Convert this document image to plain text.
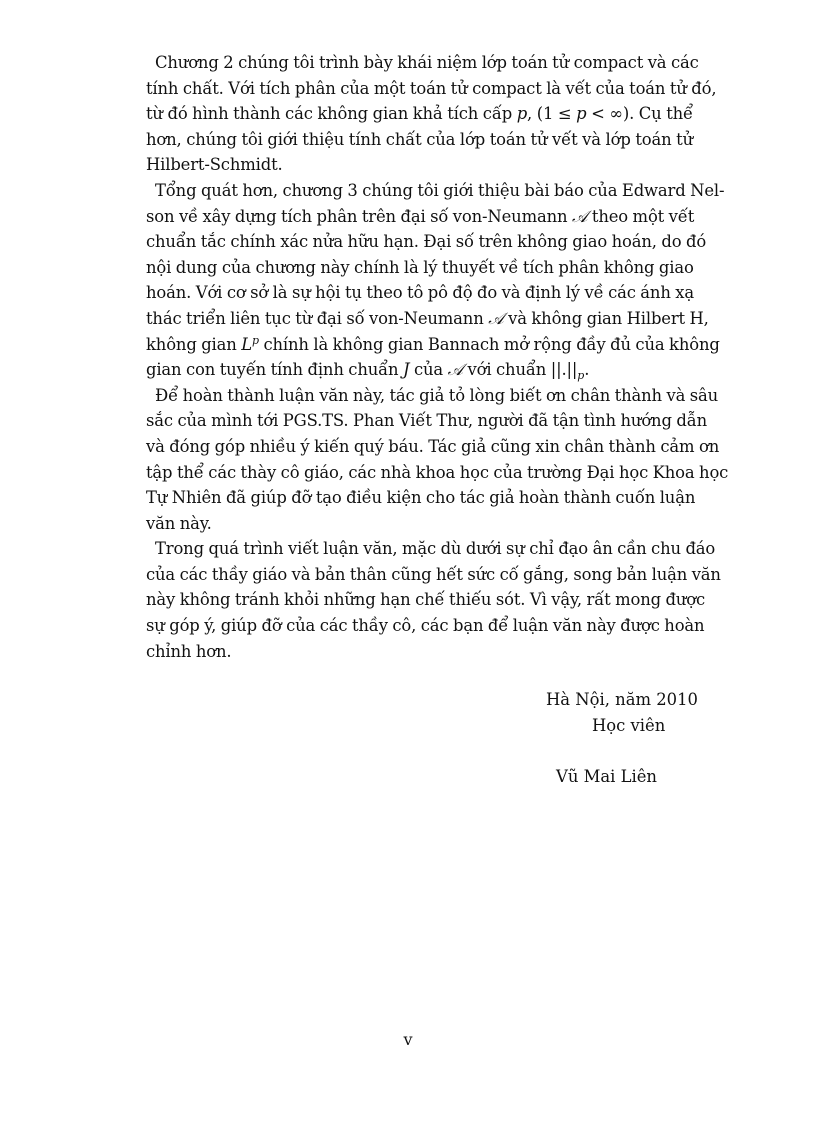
Chương 2 chúng tôi trình bày khái niệm lớp toán tử compact và các
tính chất. Với tích phân của một toán tử compact là vết của toán tử đó,
từ đó hình thành các không gian khả tích cấp p, (1 ≤ p < ∞). Cụ thể
hơn, chúng tôi giới thiệu tính chất của lớp toán tử vết và lớp toán tử
Hilbert-Schmidt.
Tổng quát hơn, chương 3 chúng tôi giới thiệu bài báo của Edward Nel-
son về xây dựng tích phân trên đại số von-Neumann 𝒜 theo một vết
chuẩn tắc chính xác nửa hữu hạn. Đại số trên không giao hoán, do đó
nội dung của chương này chính là lý thuyết về tích phân không giao
hoán. Với cơ sở là sự hội tụ theo tô pô độ đo và định lý về các ánh xạ
thác triển liên tục từ đại số von-Neumann 𝒜 và không gian Hilbert H,
không gian $L^p$ chính là không gian Bannach mở rộng đầy đủ của không
gian con tuyến tính định chuẩn J của 𝒜 với chuẩn $||.||_p$.
Để hoàn thành luận văn này, tác giả tỏ lòng biết ơn chân thành và sâu
sắc của mình tới PGS.TS. Phan Viết Thư, người đã tận tình hướng dẫn
và đóng góp nhiều ý kiến quý báu. Tác giả cũng xin chân thành cảm ơn
tập thể các thày cô giáo, các nhà khoa học của trường Đại học Khoa học
Tự Nhiên đã giúp đỡ tạo điều kiện cho tác giả hoàn thành cuốn luận
văn này.
Trong quá trình viết luận văn, mặc dù dưới sự chỉ đạo ân cần chu đáo
của các thầy giáo và bản thân cũng hết sức cố gắng, song bản luận văn
này không tránh khỏi những hạn chế thiếu sót. Vì vậy, rất mong được
sự góp ý, giúp đỡ của các thầy cô, các bạn để luận văn này được hoàn
chỉnh hơn.
Hà Nội, năm 2010
Học viên
Vũ Mai Liên
v
